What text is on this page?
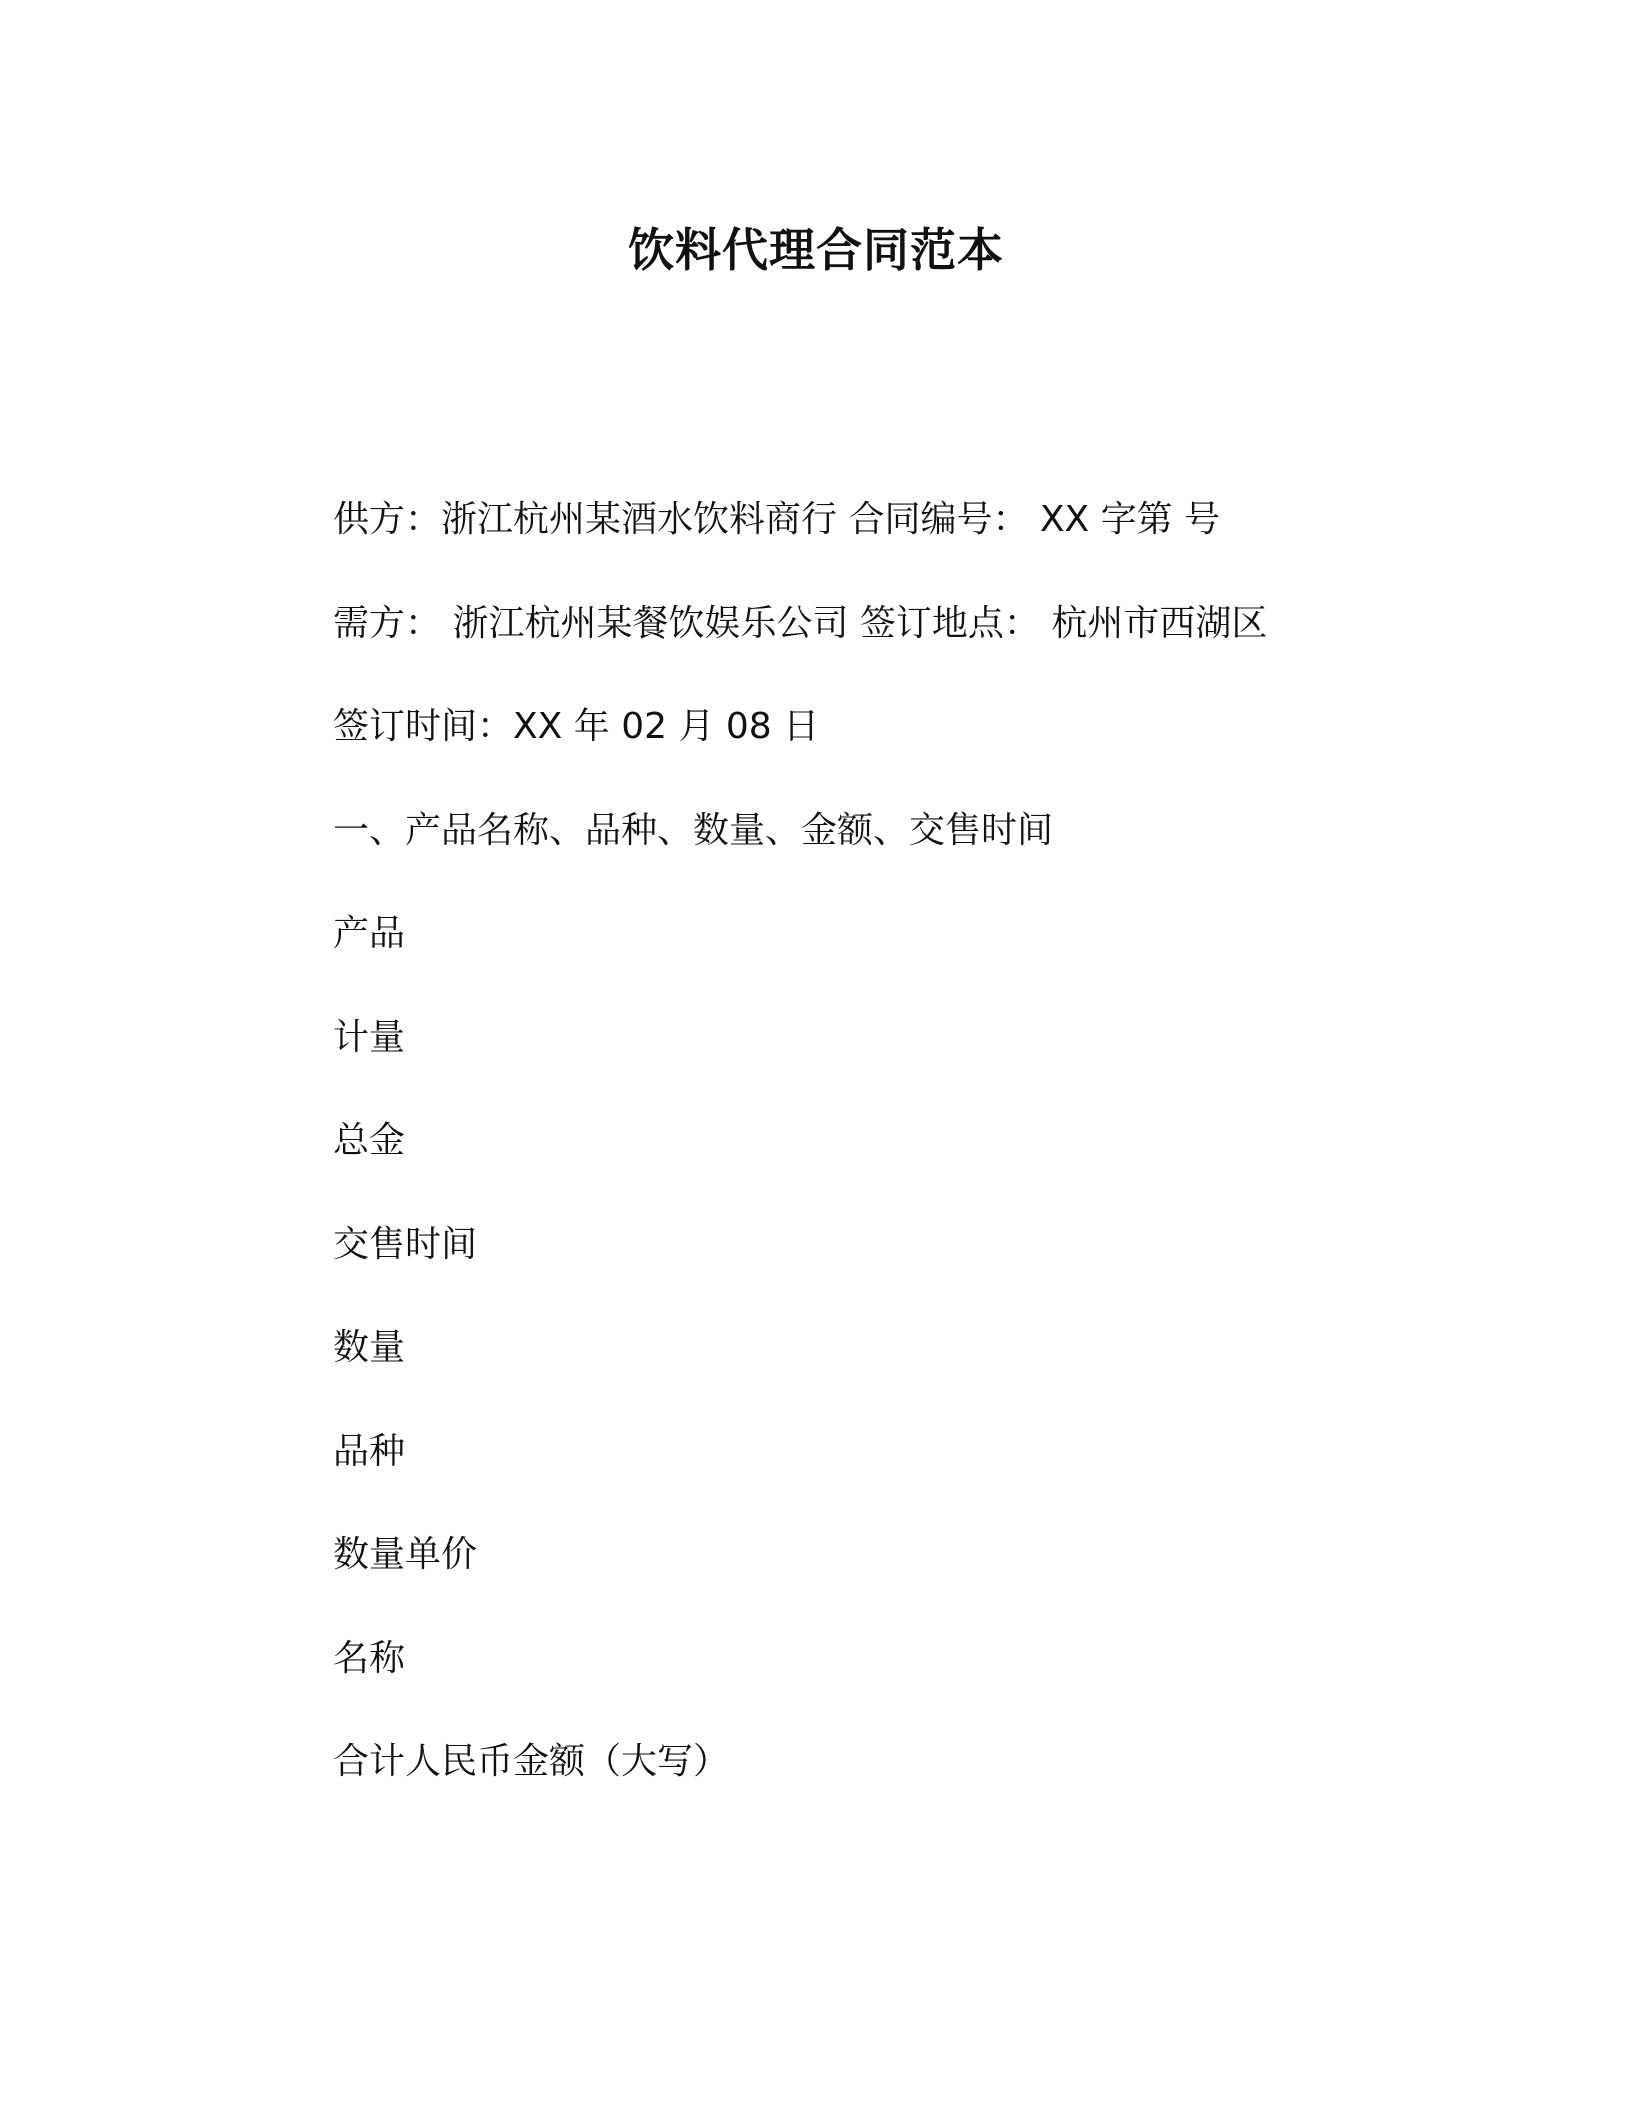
饮料代理合同范本
供方：浙江杭州某酒水饮料商行 合同编号： XX 字第 号
需方： 浙江杭州某餐饮娱乐公司 签订地点： 杭州市西湖区
签订时间：XX 年 02 月 08 日
一、产品名称、品种、数量、金额、交售时间
产品
计量
总金
交售时间
数量
品种
数量单价
名称
合计人民币金额（大写）
